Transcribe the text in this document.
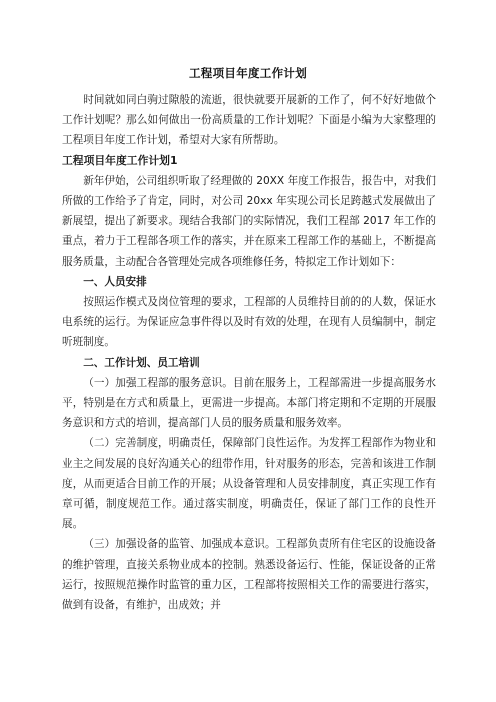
工程项目年度工作计划

时间就如同白驹过隙般的流逝，很快就要开展新的工作了，何不好好地做个工作计划呢？那么如何做出一份高质量的工作计划呢？下面是小编为大家整理的工程项目年度工作计划，希望对大家有所帮助。

工程项目年度工作计划1

新年伊始，公司组织听取了经理做的 20XX 年度工作报告，报告中，对我们所做的工作给予了肯定，同时，对公司 20xx 年实现公司长足跨越式发展做出了新展望，提出了新要求。现结合我部门的实际情况，我们工程部 2017 年工作的重点，着力于工程部各项工作的落实，并在原来工程部工作的基础上，不断提高服务质量，主动配合各管理处完成各项维修任务，特拟定工作计划如下：

一、人员安排

按照运作模式及岗位管理的要求，工程部的人员维持目前的的人数，保证水电系统的运行。为保证应急事件得以及时有效的处理，在现有人员编制中，制定听班制度。

二、工作计划、员工培训

（一）加强工程部的服务意识。目前在服务上，工程部需进一步提高服务水平，特别是在方式和质量上，更需进一步提高。本部门将定期和不定期的开展服务意识和方式的培训，提高部门人员的服务质量和服务效率。

（二）完善制度，明确责任，保障部门良性运作。为发挥工程部作为物业和业主之间发展的良好沟通关心的纽带作用，针对服务的形态，完善和该进工作制度，从而更适合目前工作的开展；从设备管理和人员安排制度，真正实现工作有章可循，制度规范工作。通过落实制度，明确责任，保证了部门工作的良性开展。

（三）加强设备的监管、加强成本意识。工程部负责所有住宅区的设施设备的维护管理，直接关系物业成本的控制。熟悉设备运行、性能，保证设备的正常运行，按照规范操作时监管的重力区，工程部将按照相关工作的需要进行落实，做到有设备，有维护，出成效；并
